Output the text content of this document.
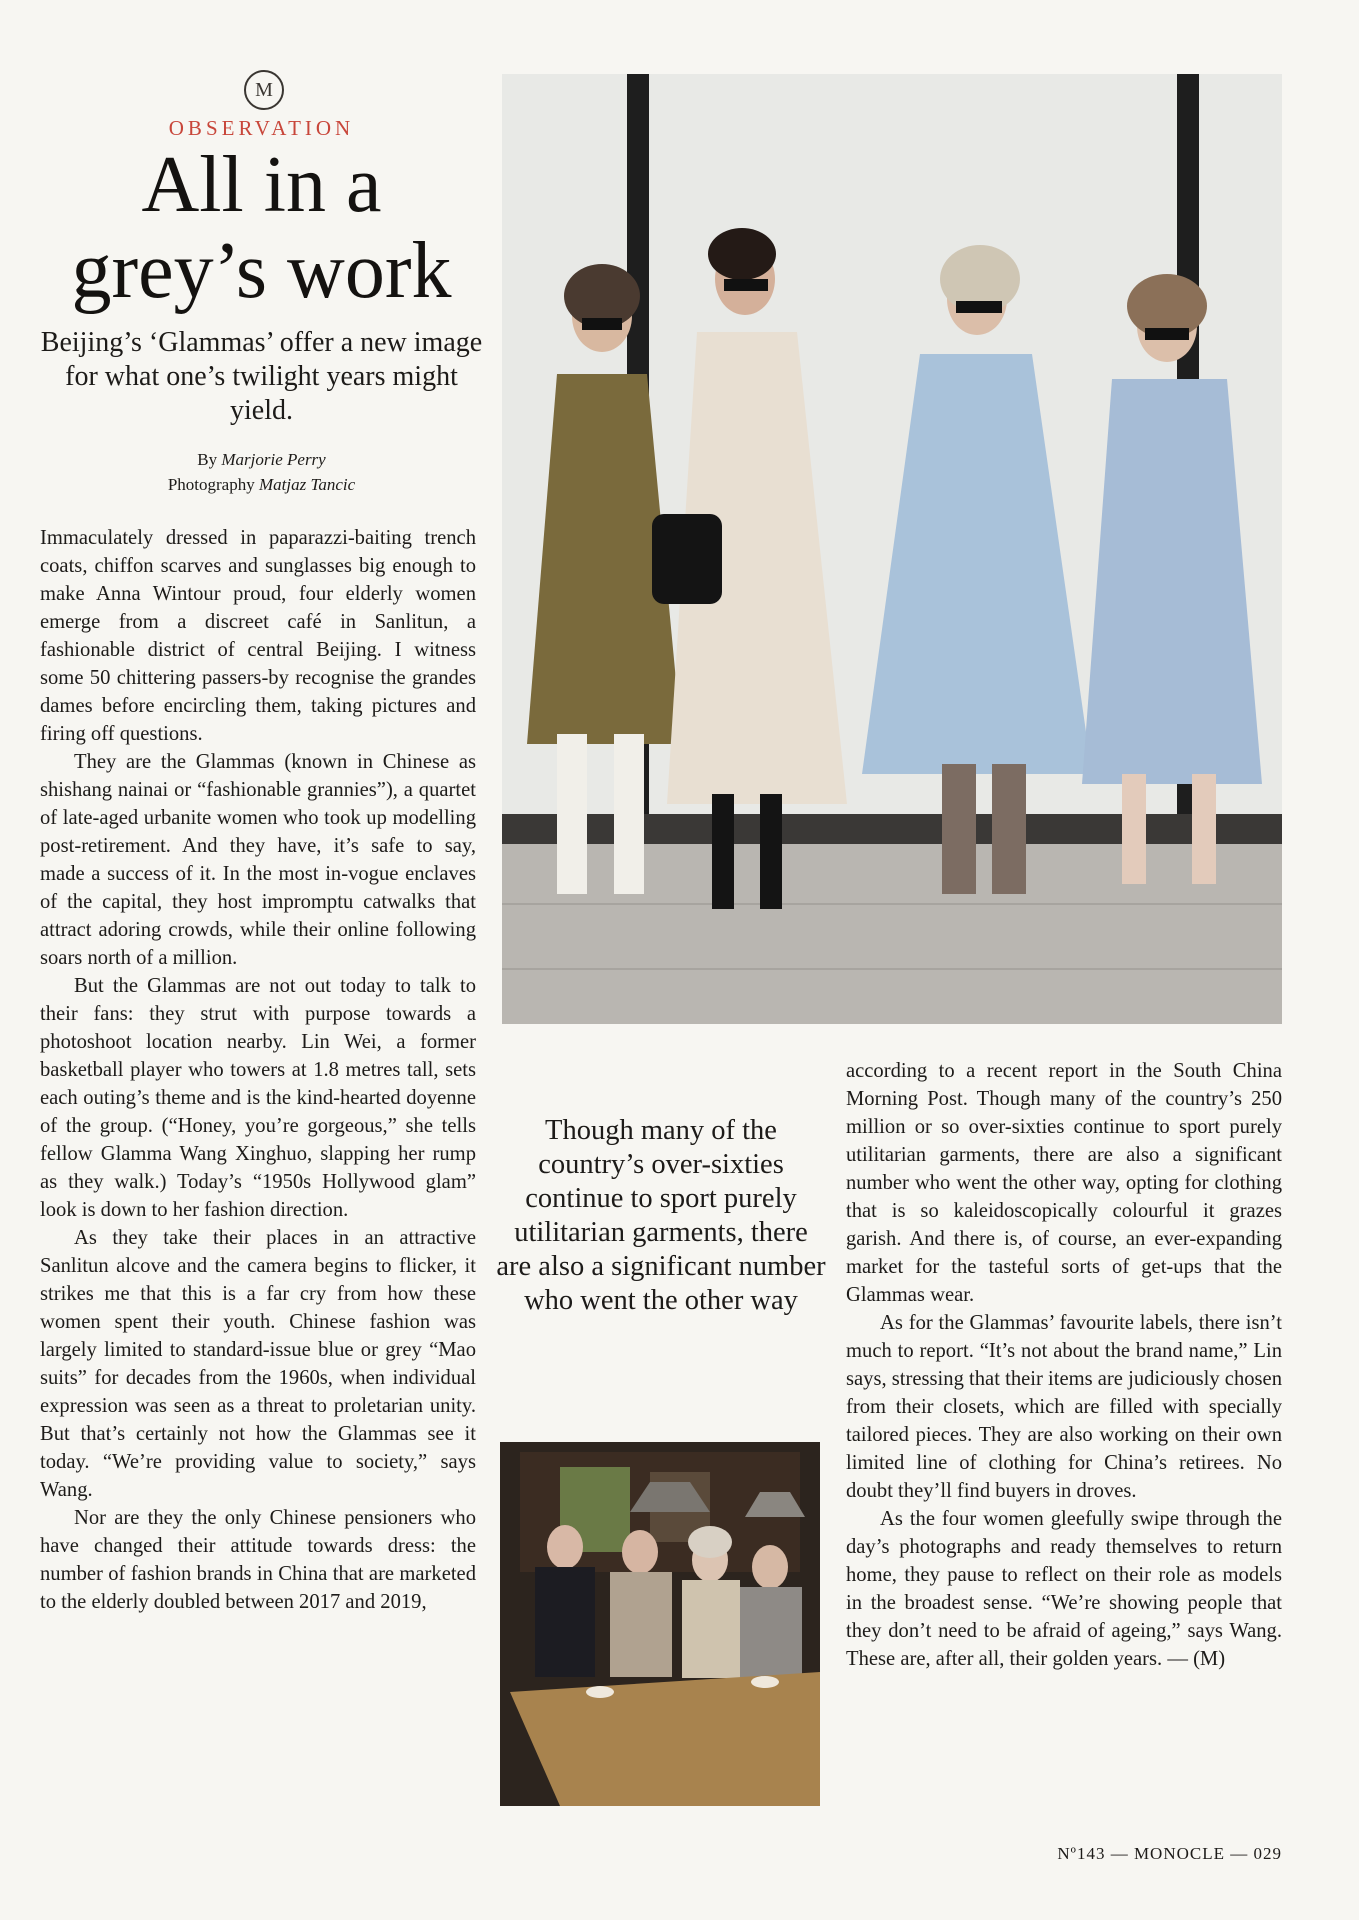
M
OBSERVATION
All in a
grey’s work
Beijing’s ‘Glammas’ offer a new image for what one’s twilight years might yield.
By Marjorie Perry
Photography Matjaz Tancic

Immaculately dressed in paparazzi-baiting trench coats, chiffon scarves and sunglasses big enough to make Anna Wintour proud, four elderly women emerge from a discreet café in Sanlitun, a fashionable district of central Beijing. I witness some 50 chittering passers-by recognise the grandes dames before encircling them, taking pictures and firing off questions.

They are the Glammas (known in Chinese as shishang nainai or “fashionable grannies”), a quartet of late-aged urbanite women who took up modelling post-retirement. And they have, it’s safe to say, made a success of it. In the most in-vogue enclaves of the capital, they host impromptu catwalks that attract adoring crowds, while their online following soars north of a million.

But the Glammas are not out today to talk to their fans: they strut with purpose towards a photoshoot location nearby. Lin Wei, a former basketball player who towers at 1.8 metres tall, sets each outing’s theme and is the kind-hearted doyenne of the group. (“Honey, you’re gorgeous,” she tells fellow Glamma Wang Xinghuo, slapping her rump as they walk.) Today’s “1950s Hollywood glam” look is down to her fashion direction.

As they take their places in an attractive Sanlitun alcove and the camera begins to flicker, it strikes me that this is a far cry from how these women spent their youth. Chinese fashion was largely limited to standard-issue blue or grey “Mao suits” for decades from the 1960s, when individual expression was seen as a threat to proletarian unity. But that’s certainly not how the Glammas see it today. “We’re providing value to society,” says Wang.

Nor are they the only Chinese pensioners who have changed their attitude towards dress: the number of fashion brands in China that are marketed to the elderly doubled between 2017 and 2019,

Though many of the country’s over-sixties continue to sport purely utilitarian garments, there are also a significant number who went the other way

according to a recent report in the South China Morning Post. Though many of the country’s 250 million or so over-sixties continue to sport purely utilitarian garments, there are also a significant number who went the other way, opting for clothing that is so kaleidoscopically colourful it grazes garish. And there is, of course, an ever-expanding market for the tasteful sorts of get-ups that the Glammas wear.

As for the Glammas’ favourite labels, there isn’t much to report. “It’s not about the brand name,” Lin says, stressing that their items are judiciously chosen from their closets, which are filled with specially tailored pieces. They are also working on their own limited line of clothing for China’s retirees. No doubt they’ll find buyers in droves.

As the four women gleefully swipe through the day’s photographs and ready themselves to return home, they pause to reflect on their role as models in the broadest sense. “We’re showing people that they don’t need to be afraid of ageing,” says Wang. These are, after all, their golden years. — (M)

Nº143 — MONOCLE — 029
